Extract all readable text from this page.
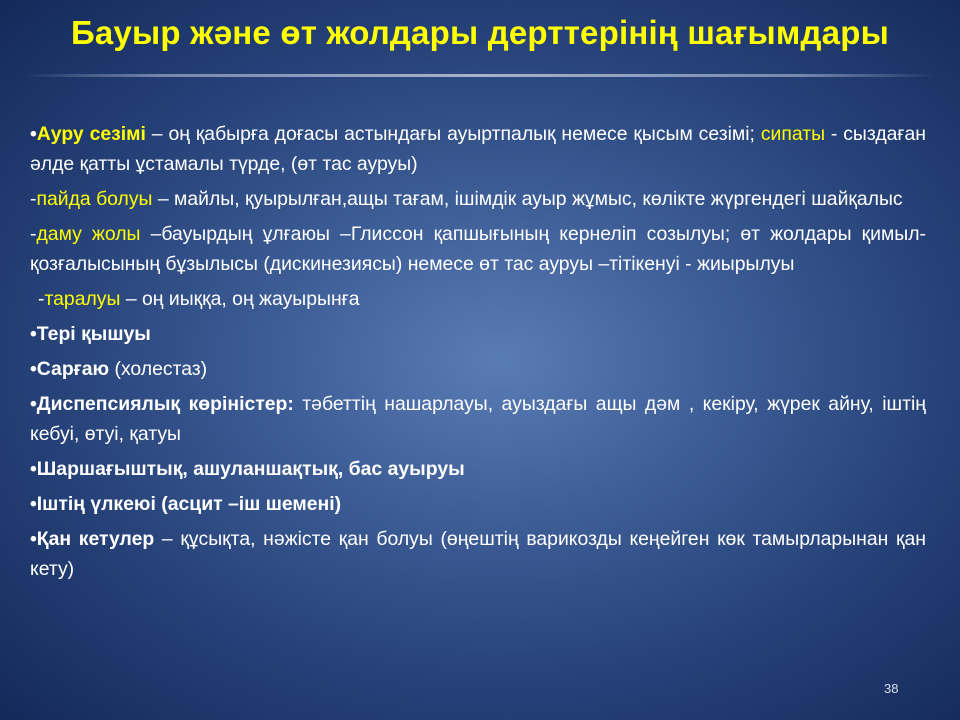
Бауыр және өт жолдары дерттерінің шағымдары

•Ауру сезімі – оң қабырға доғасы астындағы ауыртпалық немесе қысым сезімі; сипаты - сыздаған әлде қатты ұстамалы түрде, (өт тас ауруы)

-пайда болуы – майлы, қуырылған,ащы тағам, ішімдік ауыр жұмыс, көлікте жүргендегі шайқалыс

-даму жолы –бауырдың ұлғаюы –Глиссон қапшығының кернеліп созылуы; өт жолдары қимыл-қозғалысының бұзылысы (дискинезиясы) немесе өт тас ауруы –тітікенуі - жиырылуы

-таралуы – оң иыққа, оң жауырынға

•Тері қышуы

•Сарғаю (холестаз)

•Диспепсиялық көріністер: тәбеттің нашарлауы, ауыздағы ащы дәм , кекіру, жүрек айну, іштің кебуі, өтуі, қатуы

•Шаршағыштық, ашуланшақтық, бас ауыруы

•Іштің үлкеюі (асцит –іш шемені)

•Қан кетулер – құсықта, нәжісте қан болуы (өңештің варикозды кеңейген көк тамырларынан қан кету)

38
